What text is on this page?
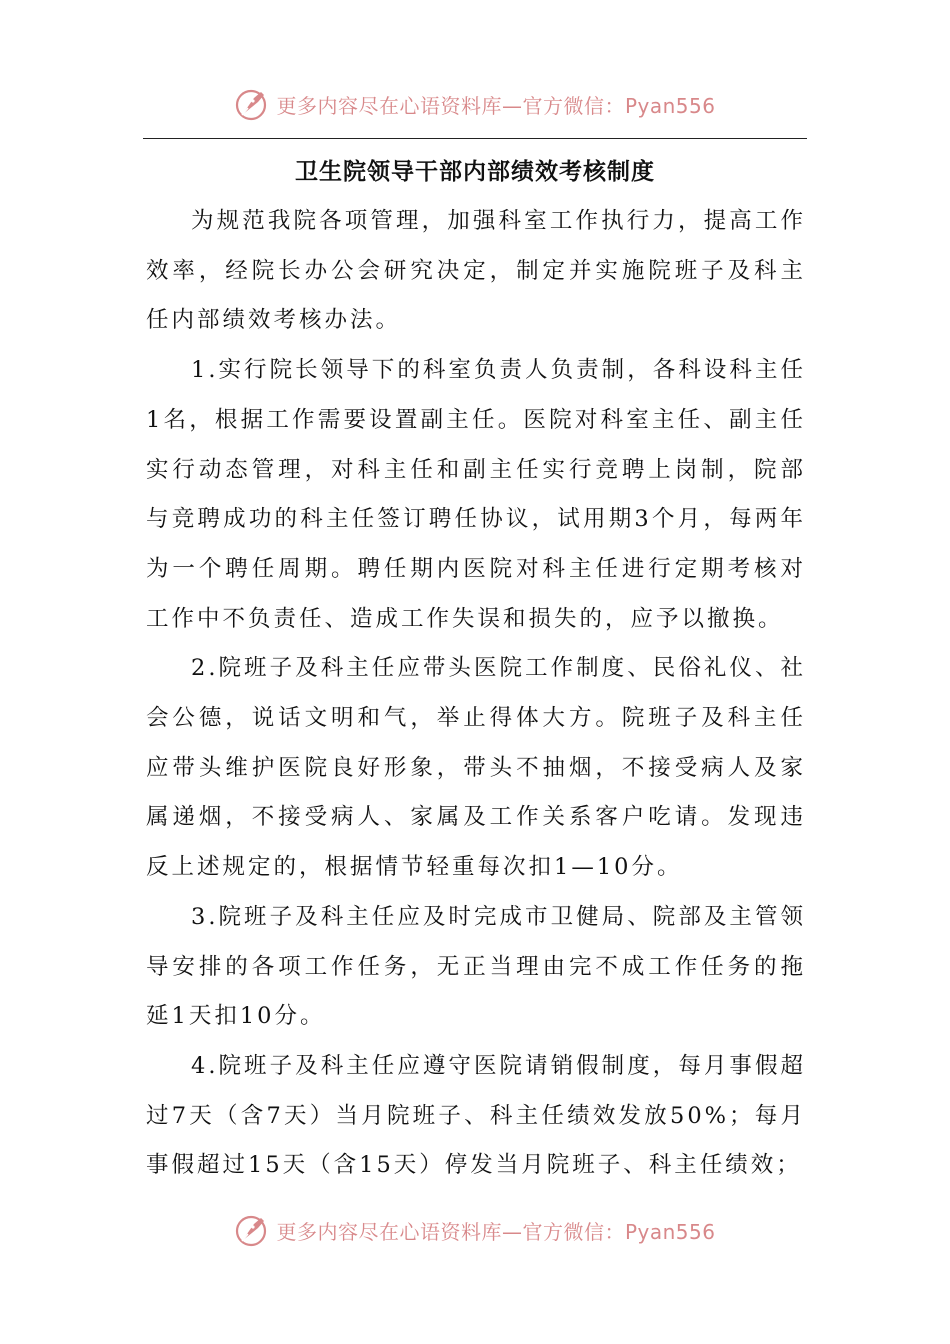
更多内容尽在心语资料库—官方微信：Pyan556
卫生院领导干部内部绩效考核制度

为规范我院各项管理，加强科室工作执行力，提高工作效率，经院长办公会研究决定，制定并实施院班子及科主任内部绩效考核办法。

1.实行院长领导下的科室负责人负责制，各科设科主任1名，根据工作需要设置副主任。医院对科室主任、副主任实行动态管理，对科主任和副主任实行竞聘上岗制，院部与竞聘成功的科主任签订聘任协议，试用期3个月，每两年为一个聘任周期。聘任期内医院对科主任进行定期考核对工作中不负责任、造成工作失误和损失的，应予以撤换。

2.院班子及科主任应带头医院工作制度、民俗礼仪、社会公德，说话文明和气，举止得体大方。院班子及科主任应带头维护医院良好形象，带头不抽烟，不接受病人及家属递烟，不接受病人、家属及工作关系客户吃请。发现违反上述规定的，根据情节轻重每次扣1—10分。

3.院班子及科主任应及时完成市卫健局、院部及主管领导安排的各项工作任务，无正当理由完不成工作任务的拖延1天扣10分。

4.院班子及科主任应遵守医院请销假制度，每月事假超过7天（含7天）当月院班子、科主任绩效发放50%；每月事假超过15天（含15天）停发当月院班子、科主任绩效；

更多内容尽在心语资料库—官方微信：Pyan556
